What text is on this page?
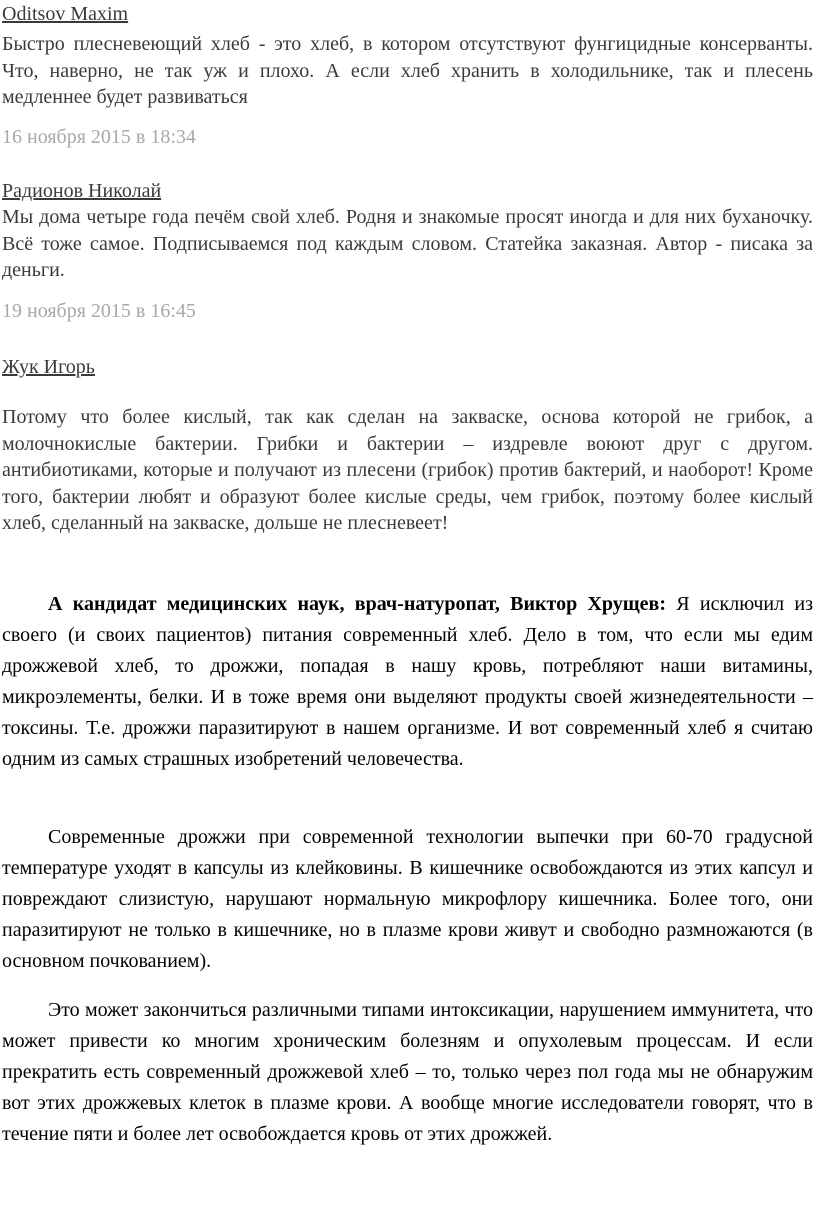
Oditsov Maxim

Быстро плесневеющий хлеб - это хлеб, в котором отсутствуют фунгицидные консерванты. Что, наверно, не так уж и плохо. А если хлеб хранить в холодильнике, так и плесень медленнее будет развиваться

16 ноября 2015 в 18:34

Радионов Николай

Мы дома четыре года печём свой хлеб. Родня и знакомые просят иногда и для них буханочку. Всё тоже самое. Подписываемся под каждым словом. Статейка заказная. Автор - писака за деньги.

19 ноября 2015 в 16:45

Жук Игорь

Потому что более кислый, так как сделан на закваске, основа которой не грибок, а молочнокислые бактерии. Грибки и бактерии – издревле воюют друг с другом. антибиотиками, которые и получают из плесени (грибок) против бактерий, и наоборот! Кроме того, бактерии любят и образуют более кислые среды, чем грибок, поэтому более кислый хлеб, сделанный на закваске, дольше не плесневеет!

А кандидат медицинских наук, врач-натуропат, Виктор Хрущев: Я исключил из своего (и своих пациентов) питания современный хлеб. Дело в том, что если мы едим дрожжевой хлеб, то дрожжи, попадая в нашу кровь, потребляют наши витамины, микроэлементы, белки. И в тоже время они выделяют продукты своей жизнедеятельности – токсины. Т.е. дрожжи паразитируют в нашем организме. И вот современный хлеб я считаю одним из самых страшных изобретений человечества.

Современные дрожжи при современной технологии выпечки при 60-70 градусной температуре уходят в капсулы из клейковины. В кишечнике освобождаются из этих капсул и повреждают слизистую, нарушают нормальную микрофлору кишечника. Более того, они паразитируют не только в кишечнике, но в плазме крови живут и свободно размножаются (в основном почкованием).

Это может закончиться различными типами интоксикации, нарушением иммунитета, что может привести ко многим хроническим болезням и опухолевым процессам. И если прекратить есть современный дрожжевой хлеб – то, только через пол года мы не обнаружим вот этих дрожжевых клеток в плазме крови. А вообще многие исследователи говорят, что в течение пяти и более лет освобождается кровь от этих дрожжей.
